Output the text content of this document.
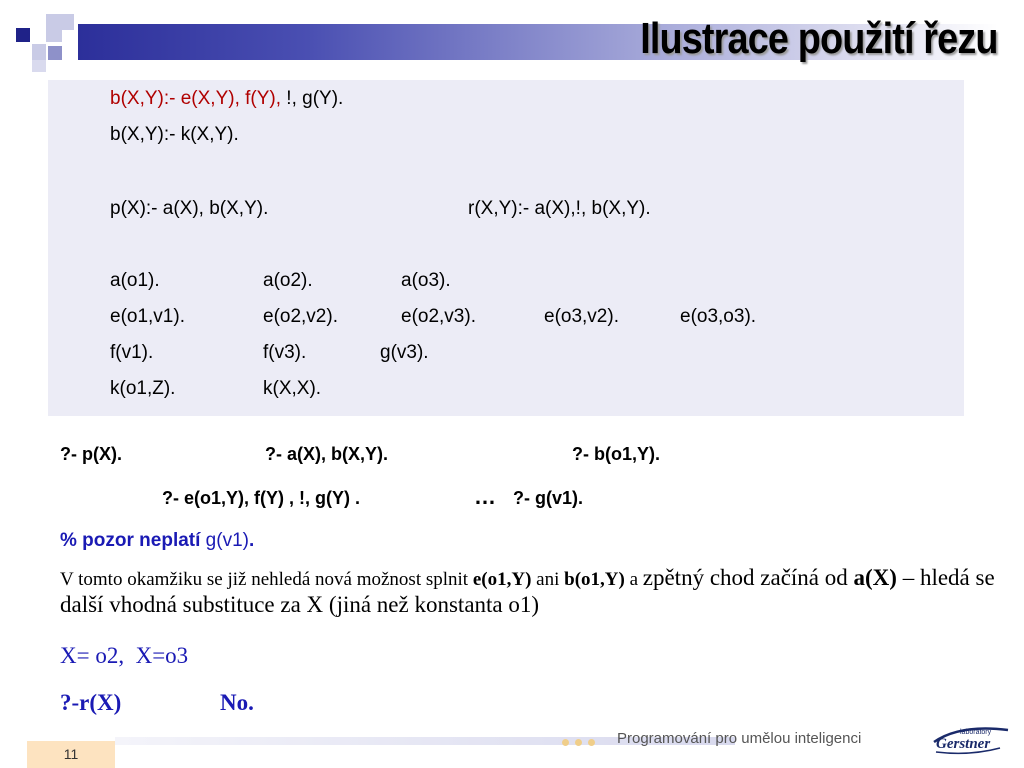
Ilustrace použití řezu
b(X,Y):- e(X,Y), f(Y), !, g(Y).
b(X,Y):- k(X,Y).
p(X):- a(X), b(X,Y).	r(X,Y):- a(X),!, b(X,Y).
a(o1).	a(o2).	a(o3).
e(o1,v1).	e(o2,v2).	e(o2,v3).	e(o3,v2).	e(o3,o3).
f(v1).	f(v3).	g(v3).
k(o1,Z).	k(X,X).
?- p(X).	?- a(X), b(X,Y).	?- b(o1,Y).
?- e(o1,Y), f(Y) , !, g(Y) .	… ?- g(v1).
% pozor neplatí g(v1).
V tomto okamžiku se již nehledá nová možnost splnit e(o1,Y) ani b(o1,Y) a zpětný chod začíná od a(X) – hledá se další vhodná substituce za X (jiná než konstanta o1)
X= o2,  X=o3
?-r(X)	No.
11
Programování pro umělou inteligenci	laboratory
Gerstner
